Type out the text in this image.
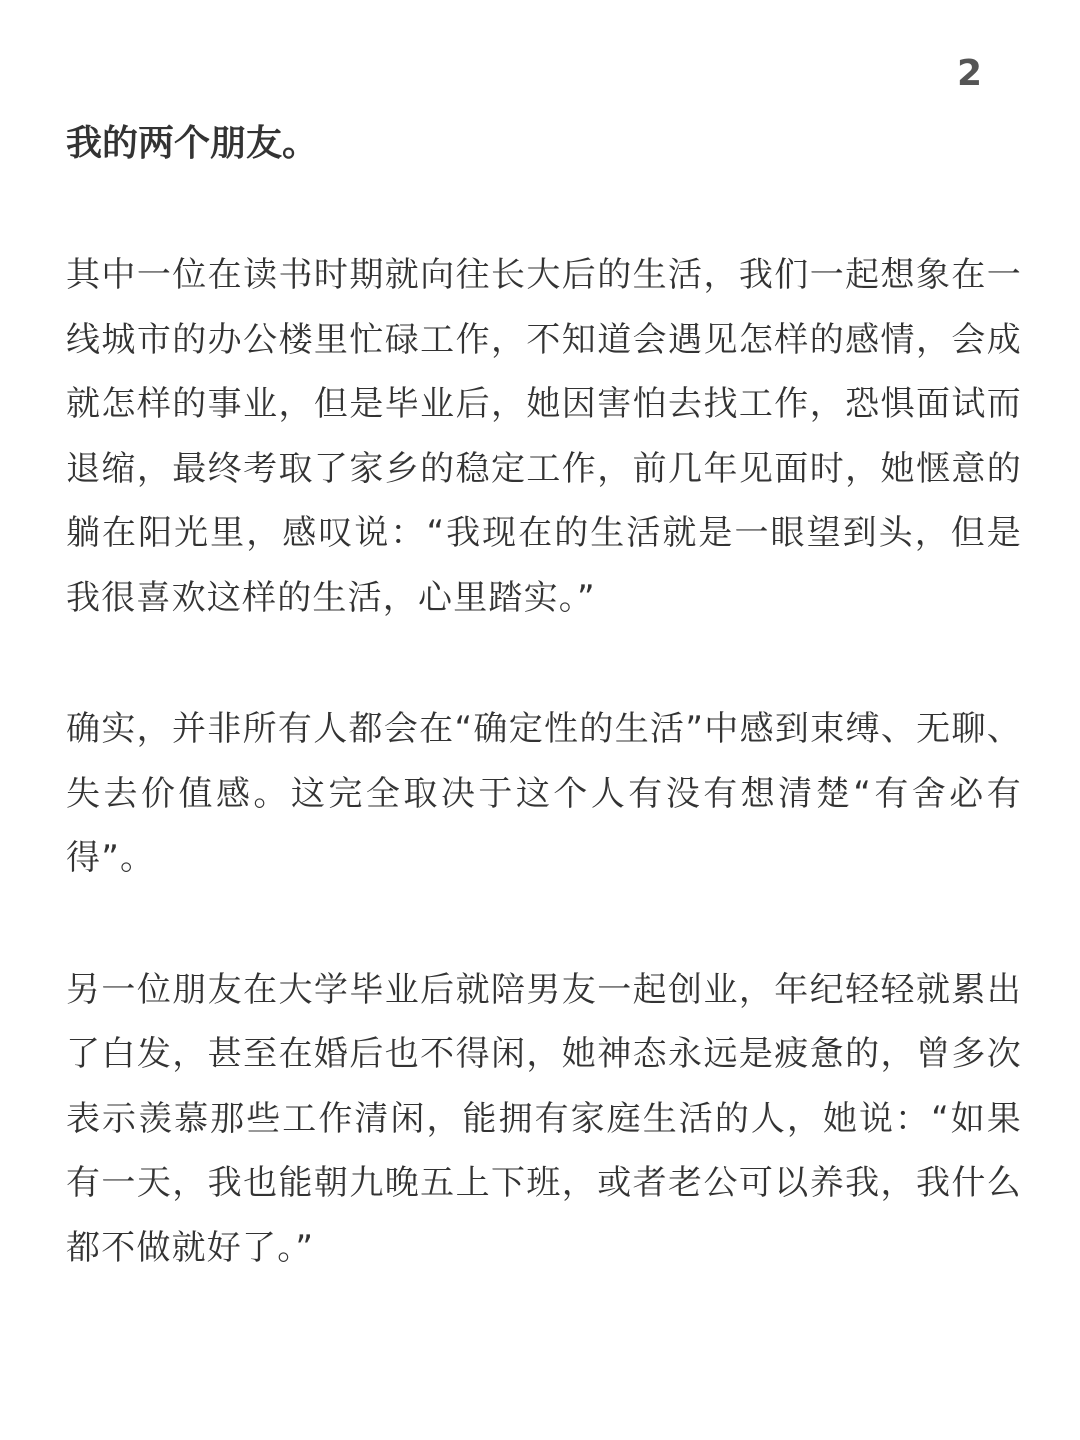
2

我的两个朋友。

其中一位在读书时期就向往长大后的生活，我们一起想象在一线城市的办公楼里忙碌工作，不知道会遇见怎样的感情，会成就怎样的事业，但是毕业后，她因害怕去找工作，恐惧面试而退缩，最终考取了家乡的稳定工作，前几年见面时，她惬意的躺在阳光里，感叹说：“我现在的生活就是一眼望到头，但是我很喜欢这样的生活，心里踏实。”

确实，并非所有人都会在“确定性的生活”中感到束缚、无聊、失去价值感。这完全取决于这个人有没有想清楚“有舍必有得”。

另一位朋友在大学毕业后就陪男友一起创业，年纪轻轻就累出了白发，甚至在婚后也不得闲，她神态永远是疲惫的，曾多次表示羡慕那些工作清闲，能拥有家庭生活的人，她说：“如果有一天，我也能朝九晚五上下班，或者老公可以养我，我什么都不做就好了。”
